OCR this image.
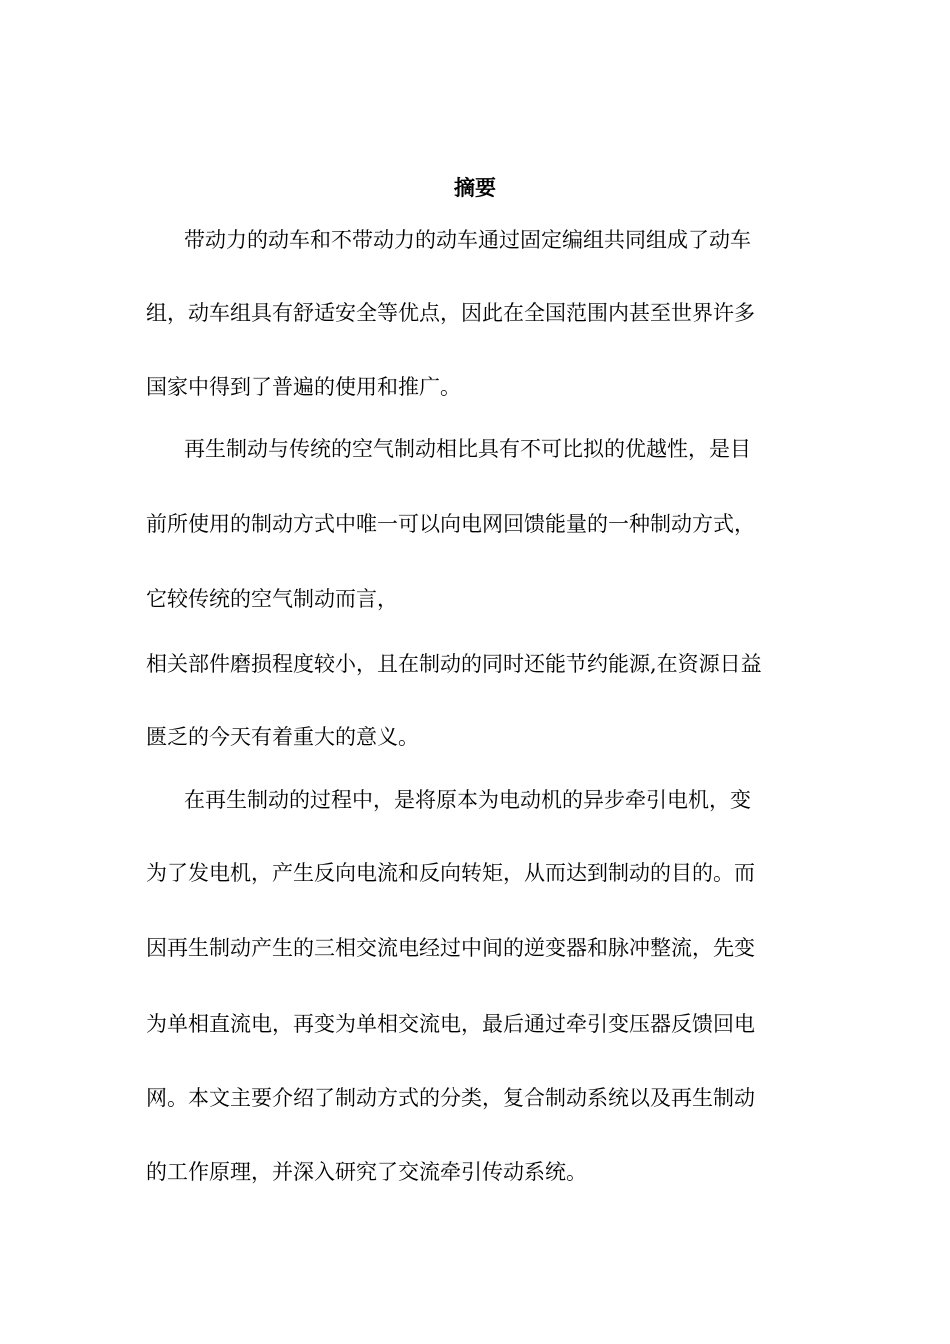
摘要
带动力的动车和不带动力的动车通过固定编组共同组成了动车
组，动车组具有舒适安全等优点，因此在全国范围内甚至世界许多
国家中得到了普遍的使用和推广。
再生制动与传统的空气制动相比具有不可比拟的优越性，是目
前所使用的制动方式中唯一可以向电网回馈能量的一种制动方式，
它较传统的空气制动而言，
相关部件磨损程度较小，且在制动的同时还能节约能源,在资源日益
匮乏的今天有着重大的意义。
在再生制动的过程中，是将原本为电动机的异步牵引电机，变
为了发电机，产生反向电流和反向转矩，从而达到制动的目的。而
因再生制动产生的三相交流电经过中间的逆变器和脉冲整流，先变
为单相直流电，再变为单相交流电，最后通过牵引变压器反馈回电
网。本文主要介绍了制动方式的分类，复合制动系统以及再生制动
的工作原理，并深入研究了交流牵引传动系统。
